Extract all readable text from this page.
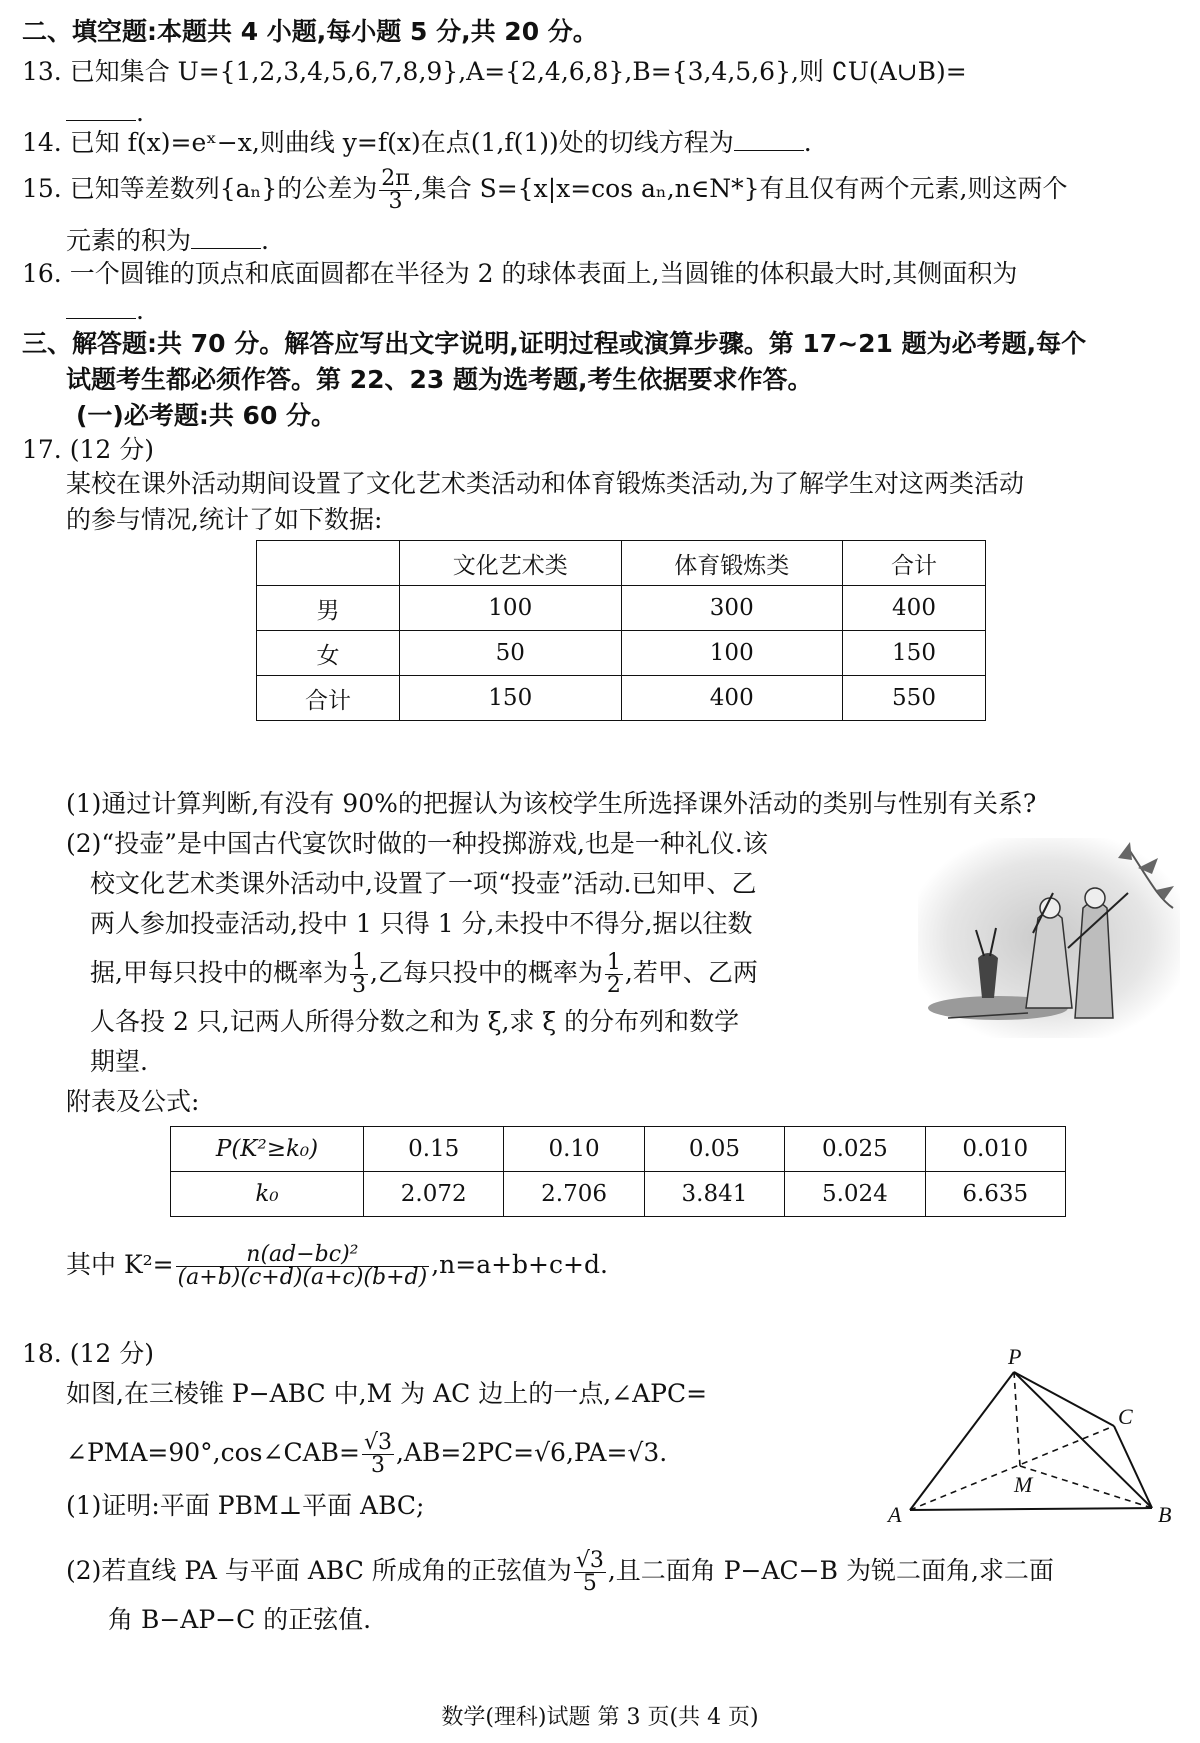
二、填空题:本题共 4 小题,每小题 5 分,共 20 分。
13. 已知集合 U={1,2,3,4,5,6,7,8,9},A={2,4,6,8},B={3,4,5,6},则 ∁U(A∪B)=
.
14. 已知 f(x)=eˣ−x,则曲线 y=f(x)在点(1,f(1))处的切线方程为	.
15. 已知等差数列{aₙ}的公差为 $\frac{2\pi}{3}$ ,集合 S={x|x=cos aₙ,n∈N*}有且仅有两个元素,则这两个
元素的积为	.
16. 一个圆锥的顶点和底面圆都在半径为 2 的球体表面上,当圆锥的体积最大时,其侧面积为
.
三、解答题:共 70 分。解答应写出文字说明,证明过程或演算步骤。第 17~21 题为必考题,每个
试题考生都必须作答。第 22、23 题为选考题,考生依据要求作答。
(一)必考题:共 60 分。
17. (12 分)
某校在课外活动期间设置了文化艺术类活动和体育锻炼类活动,为了解学生对这两类活动
的参与情况,统计了如下数据:
	文化艺术类	体育锻炼类	合计
男	100	300	400
女	50	100	150
合计	150	400	550
(1)通过计算判断,有没有 90%的把握认为该校学生所选择课外活动的类别与性别有关系?
(2)“投壶”是中国古代宴饮时做的一种投掷游戏,也是一种礼仪.该
校文化艺术类课外活动中,设置了一项“投壶”活动.已知甲、乙
两人参加投壶活动,投中 1 只得 1 分,未投中不得分,据以往数
据,甲每只投中的概率为 $\frac{1}{3}$ ,乙每只投中的概率为 $\frac{1}{2}$ ,若甲、乙两
人各投 2 只,记两人所得分数之和为 ξ,求 ξ 的分布列和数学
期望.
附表及公式:
P(K²≥k₀)	0.15	0.10	0.05	0.025	0.010
k₀	2.072	2.706	3.841	5.024	6.635
其中 $K^2= \frac{\text{n(ad−bc)²}}{(a+b)(c+d)(a+c)(b+d)} ,n=a+b+c+d$.
18. (12 分)
如图,在三棱锥 P−ABC 中,M 为 AC 边上的一点,∠APC=
∠PMA=90°,cos∠CAB= $\frac{√3}{3} ,AB=2PC=√6,PA=√3$.
(1)证明:平面 PBM⊥平面 ABC;
(2)若直线 PA 与平面 ABC 所成角的正弦值为 $\frac{√3}{5}$ ,且二面角 P−AC−B 为锐二面角,求二面
角 B−AP−C 的正弦值.
P
C
M
A	B
数学(理科)试题 第 3 页(共 4 页)
